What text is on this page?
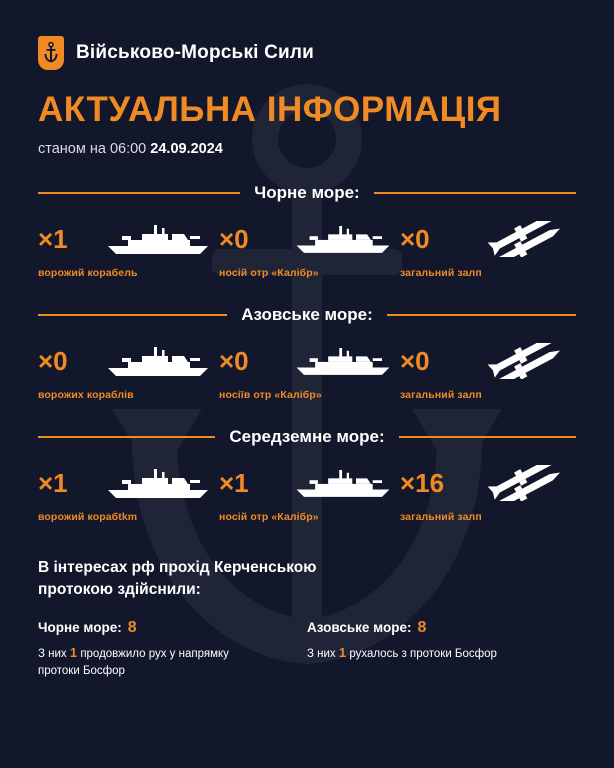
Військово-Морські Сили
АКТУАЛЬНА ІНФОРМАЦІЯ
станом на 06:00 24.09.2024
Чорне море:
×1
ворожий корабель
×0
носій отр «Калібр»
×0
загальний залп
Азовське море:
×0
ворожих кораблів
×0
носіїв отр «Калібр»
×0
загальний залп
Середземне море:
×1
ворожий корабtkm
×1
носій отр «Калібр»
×16
загальний залп
В інтересах рф прохід Керченською протокою здійснили:
Чорне море: 8
З них 1 продовжило рух у напрямку протоки Босфор
Азовське море: 8
З них 1 рухалось з протоки Босфор
